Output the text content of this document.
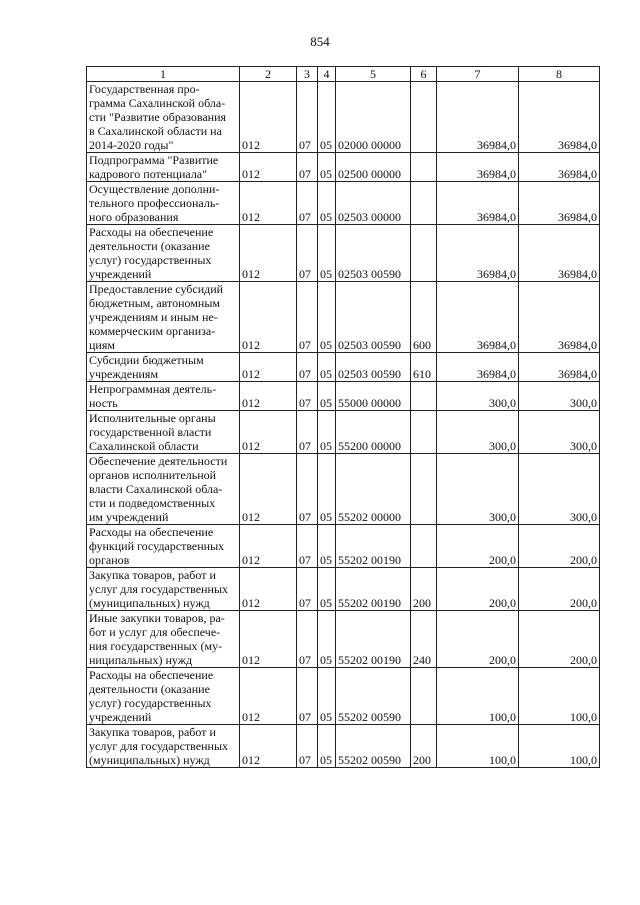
854
1	2	3	4	5	6	7	8

Государственная про-
грамма Сахалинской обла-
сти "Развитие образования
в Сахалинской области на
2014-2020 годы"	012	07	05	02000 00000		36984,0	36984,0

Подпрограмма "Развитие
кадрового потенциала"	012	07	05	02500 00000		36984,0	36984,0

Осуществление дополни-
тельного профессиональ-
ного образования	012	07	05	02503 00000		36984,0	36984,0

Расходы на обеспечение
деятельности (оказание
услуг) государственных
учреждений	012	07	05	02503 00590		36984,0	36984,0

Предоставление субсидий
бюджетным, автономным
учреждениям и иным не-
коммерческим организа-
циям	012	07	05	02503 00590	600	36984,0	36984,0

Субсидии бюджетным
учреждениям	012	07	05	02503 00590	610	36984,0	36984,0

Непрограммная деятель-
ность	012	07	05	55000 00000		300,0	300,0

Исполнительные органы
государственной власти
Сахалинской области	012	07	05	55200 00000		300,0	300,0

Обеспечение деятельности
органов исполнительной
власти Сахалинской обла-
сти и подведомственных
им учреждений	012	07	05	55202 00000		300,0	300,0

Расходы на обеспечение
функций государственных
органов	012	07	05	55202 00190		200,0	200,0

Закупка товаров, работ и
услуг для государственных
(муниципальных) нужд	012	07	05	55202 00190	200	200,0	200,0

Иные закупки товаров, ра-
бот и услуг для обеспече-
ния государственных (му-
ниципальных) нужд	012	07	05	55202 00190	240	200,0	200,0

Расходы на обеспечение
деятельности (оказание
услуг) государственных
учреждений	012	07	05	55202 00590		100,0	100,0

Закупка товаров, работ и
услуг для государственных
(муниципальных) нужд	012	07	05	55202 00590	200	100,0	100,0
